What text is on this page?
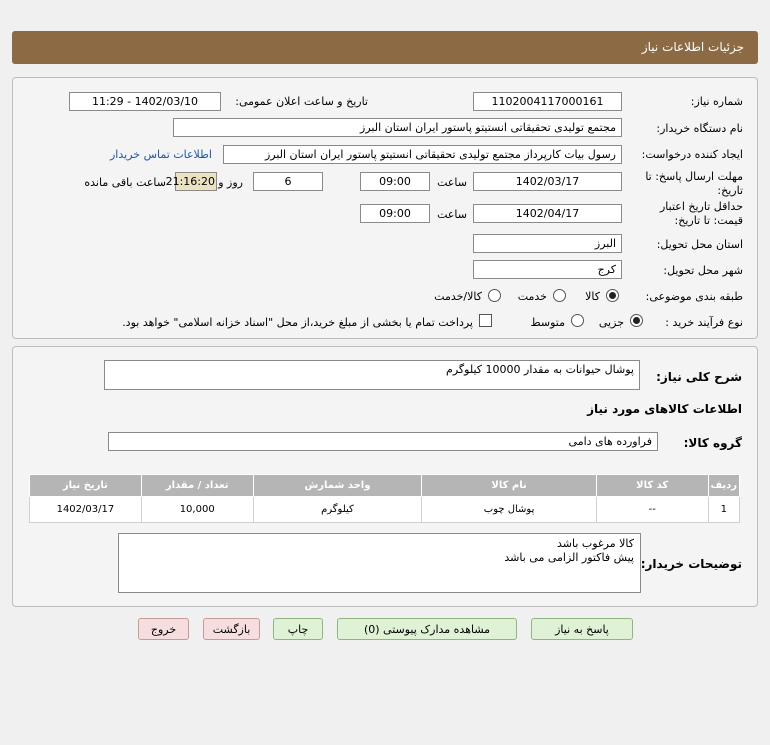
جزئیات اطلاعات نیاز
شماره نیاز:
1102004117000161
تاریخ و ساعت اعلان عمومی:
1402/03/10 - 11:29
نام دستگاه خریدار:
مجتمع تولیدی تحقیقاتی انستیتو پاستور ایران استان البرز
ایجاد کننده درخواست:
رسول بیات کارپرداز مجتمع تولیدی تحقیقاتی انستیتو پاستور ایران استان البرز
اطلاعات تماس خریدار
مهلت ارسال پاسخ: تا تاریخ:
1402/03/17
ساعت
09:00
6
روز و
21:16:20
ساعت باقی مانده
حداقل تاریخ اعتبار
قیمت: تا تاریخ:
1402/04/17
ساعت
09:00
استان محل تحویل:
البرز
شهر محل تحویل:
کرج
طبقه بندی موضوعی:
کالا
خدمت
کالا/خدمت
نوع فرآیند خرید :
جزیی
متوسط
پرداخت تمام یا بخشی از مبلغ خرید،از محل "اسناد خزانه اسلامی" خواهد بود.
شرح کلی نیاز:
پوشال حیوانات به مقدار 10000 کیلوگرم
اطلاعات کالاهای مورد نیاز
گروه کالا:
فراورده های دامی
ردیف	کد کالا	نام کالا	واحد شمارش	تعداد / مقدار	تاریخ نیاز
1	--	پوشال چوب	کیلوگرم	10,000	1402/03/17
توضیحات خریدار:
کالا مرغوب باشد
پیش فاکتور الزامی می باشد
پاسخ به نیاز
مشاهده مدارک پیوستی (0)
چاپ
بازگشت
خروج
